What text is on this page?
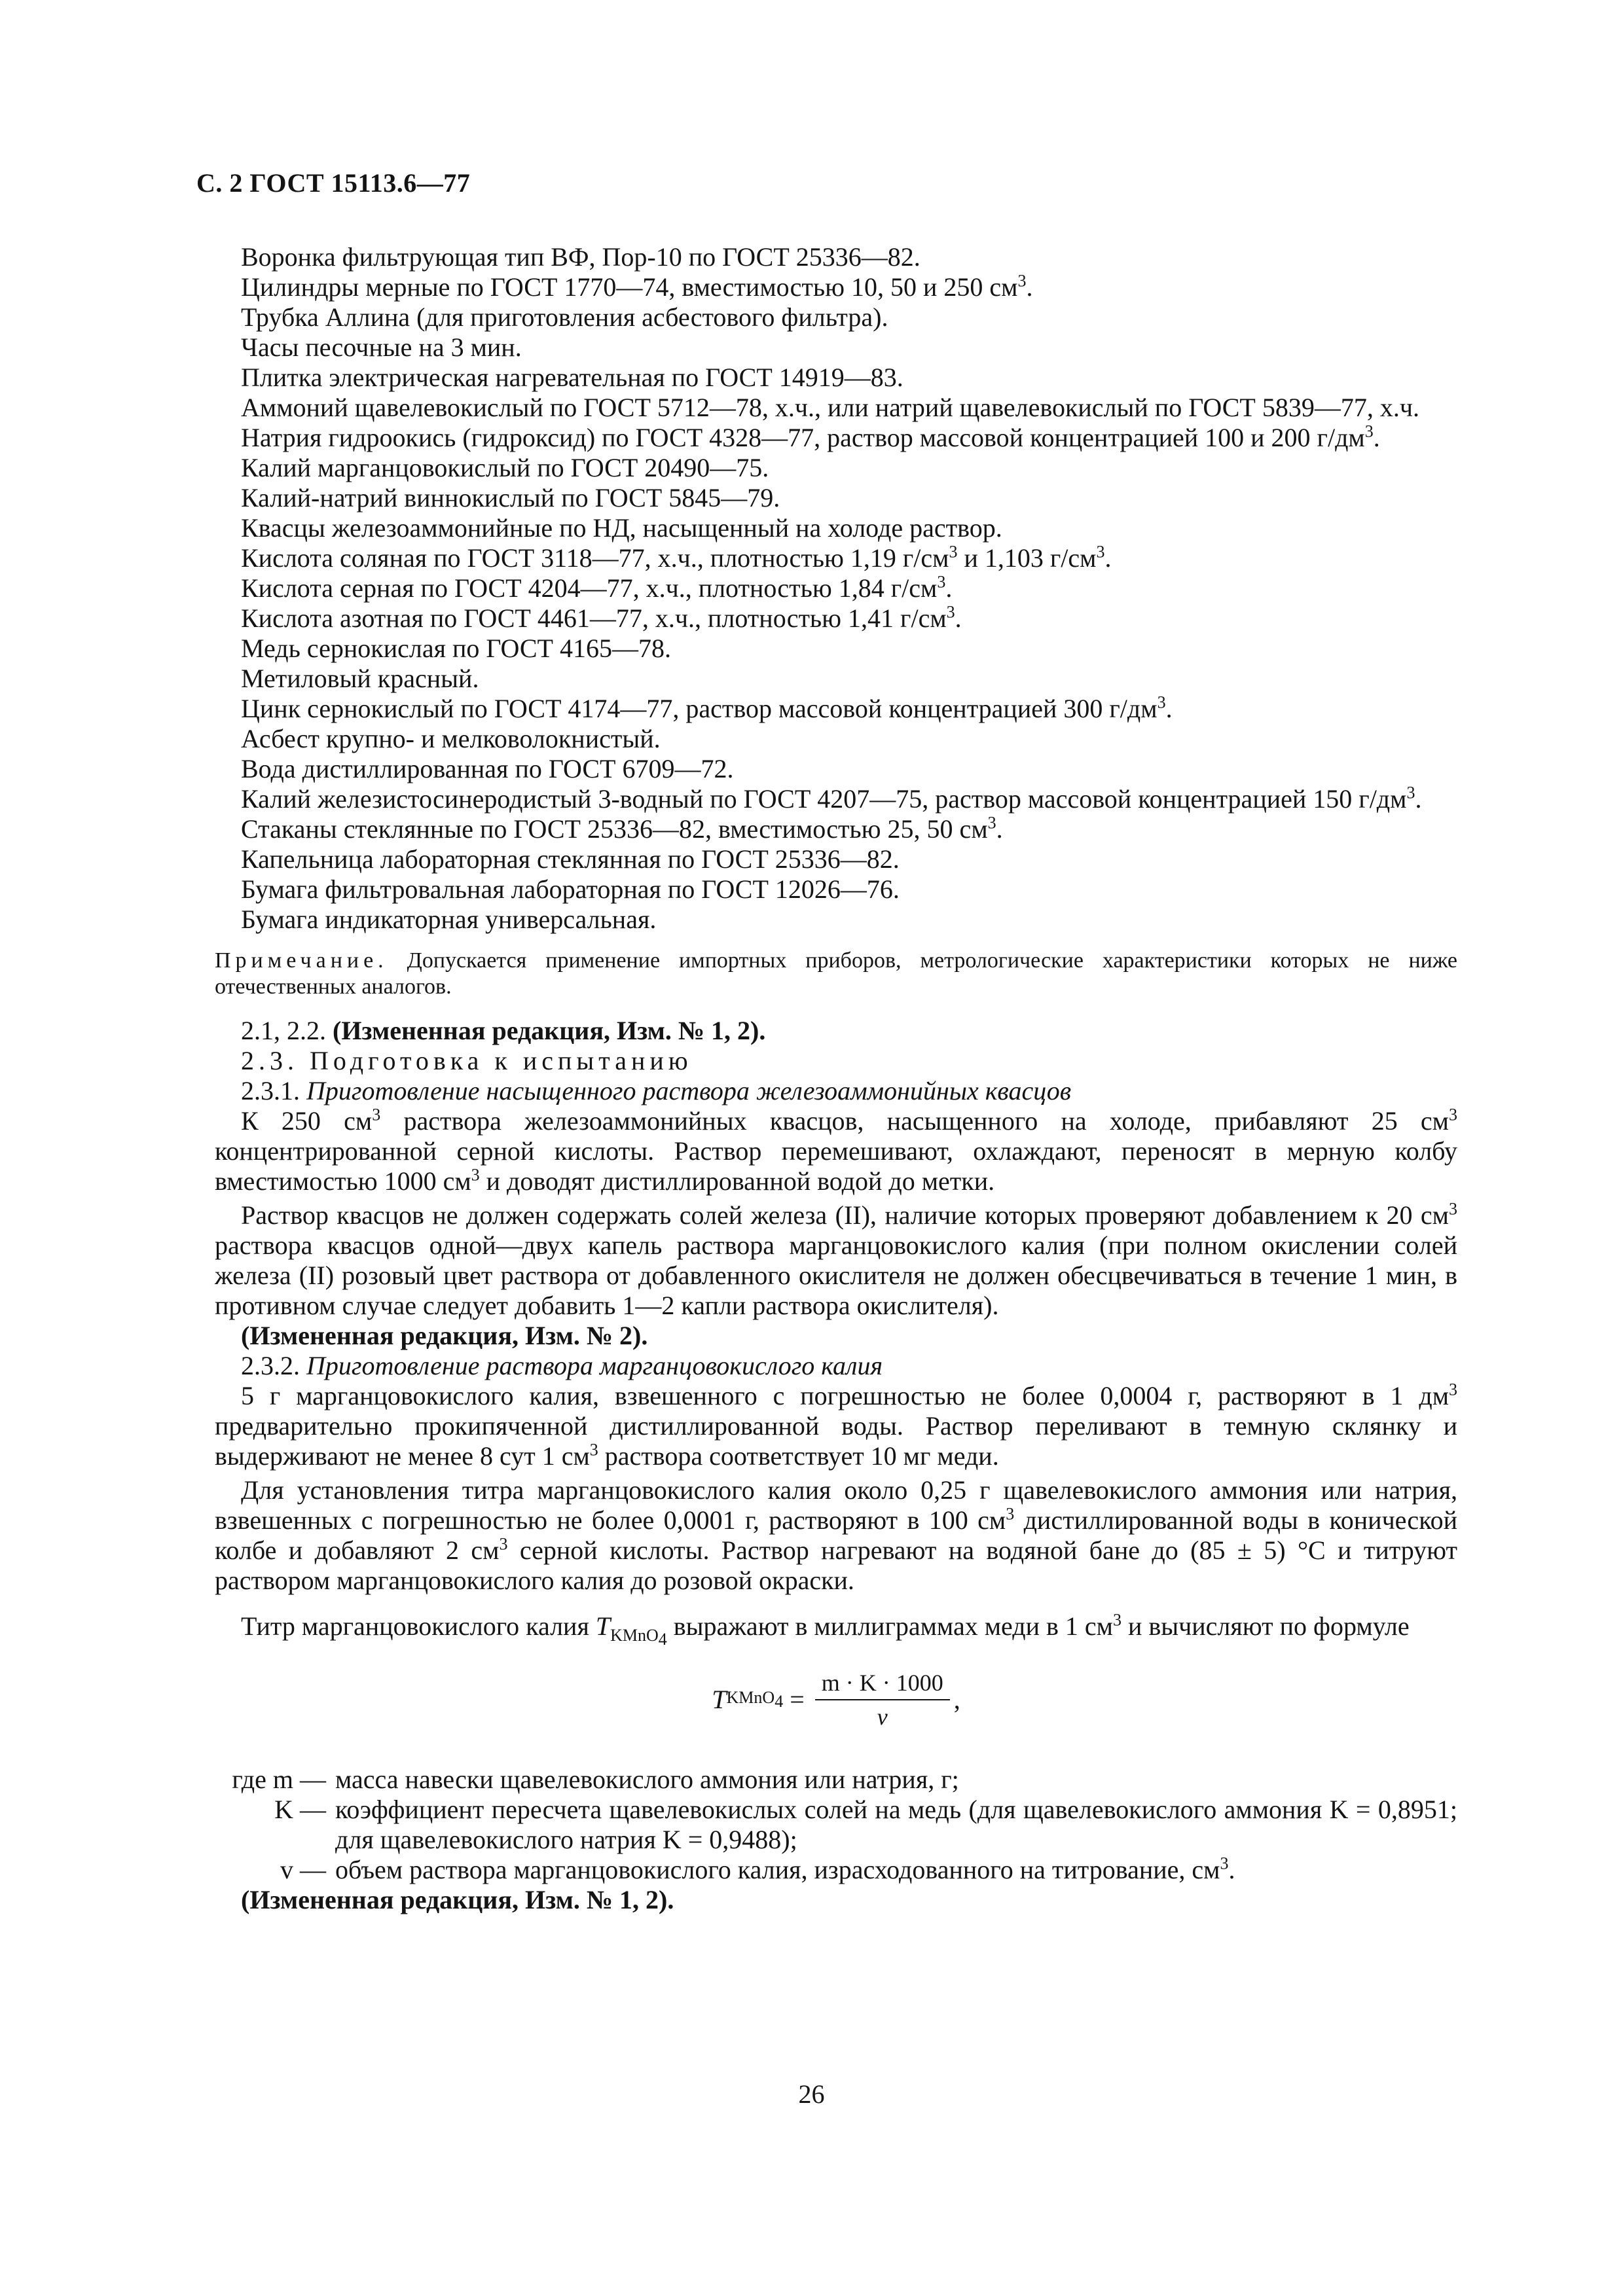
С. 2 ГОСТ 15113.6—77

Воронка фильтрующая тип ВФ, Пор-10 по ГОСТ 25336—82.

Цилиндры мерные по ГОСТ 1770—74, вместимостью 10, 50 и 250 $см^3$.

Трубка Аллина (для приготовления асбестового фильтра).

Часы песочные на 3 мин.

Плитка электрическая нагревательная по ГОСТ 14919—83.

Аммоний щавелевокислый по ГОСТ 5712—78, х.ч., или натрий щавелевокислый по ГОСТ 5839—77, х.ч.

Натрия гидроокись (гидроксид) по ГОСТ 4328—77, раствор массовой концентрацией 100 и 200 $г/дм^3$.

Калий марганцовокислый по ГОСТ 20490—75.

Калий-натрий виннокислый по ГОСТ 5845—79.

Квасцы железоаммонийные по НД, насыщенный на холоде раствор.

Кислота соляная по ГОСТ 3118—77, х.ч., плотностью 1,19 $г/см^3$ и 1,103 $г/см^3$.

Кислота серная по ГОСТ 4204—77, х.ч., плотностью 1,84 $г/см^3$.

Кислота азотная по ГОСТ 4461—77, х.ч., плотностью 1,41 $г/см^3$.

Медь сернокислая по ГОСТ 4165—78.

Метиловый красный.

Цинк сернокислый по ГОСТ 4174—77, раствор массовой концентрацией 300 $г/дм^3$.

Асбест крупно- и мелковолокнистый.

Вода дистиллированная по ГОСТ 6709—72.

Калий железистосинеродистый 3-водный по ГОСТ 4207—75, раствор массовой концентрацией 150 $г/дм^3$.

Стаканы стеклянные по ГОСТ 25336—82, вместимостью 25, 50 $см^3$.

Капельница лабораторная стеклянная по ГОСТ 25336—82.

Бумага фильтровальная лабораторная по ГОСТ 12026—76.

Бумага индикаторная универсальная.

Примечание. Допускается применение импортных приборов, метрологические характеристики которых не ниже отечественных аналогов.

2.1, 2.2. (Измененная редакция, Изм. № 1, 2).

2.3. Подготовка к испытанию

2.3.1. Приготовление насыщенного раствора железоаммонийных квасцов

К 250 $см^3$ раствора железоаммонийных квасцов, насыщенного на холоде, прибавляют 25 $см^3$ концентрированной серной кислоты. Раствор перемешивают, охлаждают, переносят в мерную колбу вместимостью 1000 $см^3$ и доводят дистиллированной водой до метки.

Раствор квасцов не должен содержать солей железа (II), наличие которых проверяют добавлением к 20 $см^3$ раствора квасцов одной—двух капель раствора марганцовокислого калия (при полном окислении солей железа (II) розовый цвет раствора от добавленного окислителя не должен обесцвечиваться в течение 1 мин, в противном случае следует добавить 1—2 капли раствора окислителя).

(Измененная редакция, Изм. № 2).

2.3.2. Приготовление раствора марганцовокислого калия

5 г марганцовокислого калия, взвешенного с погрешностью не более 0,0004 г, растворяют в 1 $дм^3$ предварительно прокипяченной дистиллированной воды. Раствор переливают в темную склянку и выдерживают не менее 8 сут 1 $см^3$ раствора соответствует 10 мг меди.

Для установления титра марганцовокислого калия около 0,25 г щавелевокислого аммония или натрия, взвешенных с погрешностью не более 0,0001 г, растворяют в 100 $см^3$ дистиллированной воды в конической колбе и добавляют 2 $см^3$ серной кислоты. Раствор нагревают на водяной бане до (85 ± 5) °С и титруют раствором марганцовокислого калия до розовой окраски.

Титр марганцовокислого калия $T_{KMnO_4}$ выражают в миллиграммах меди в 1 $см^3$ и вычисляют по формуле

T KMnO$_4$ = $\frac{m \cdot K \cdot 1000}{v}$ ,
где m — масса навески щавелевокислого аммония или натрия, г;
K — коэффициент пересчета щавелевокислых солей на медь (для щавелевокислого аммония K = 0,8951; для щавелевокислого натрия K = 0,9488);
v — объем раствора марганцовокислого калия, израсходованного на титрование, $см^3$.

(Измененная редакция, Изм. № 1, 2).

26
